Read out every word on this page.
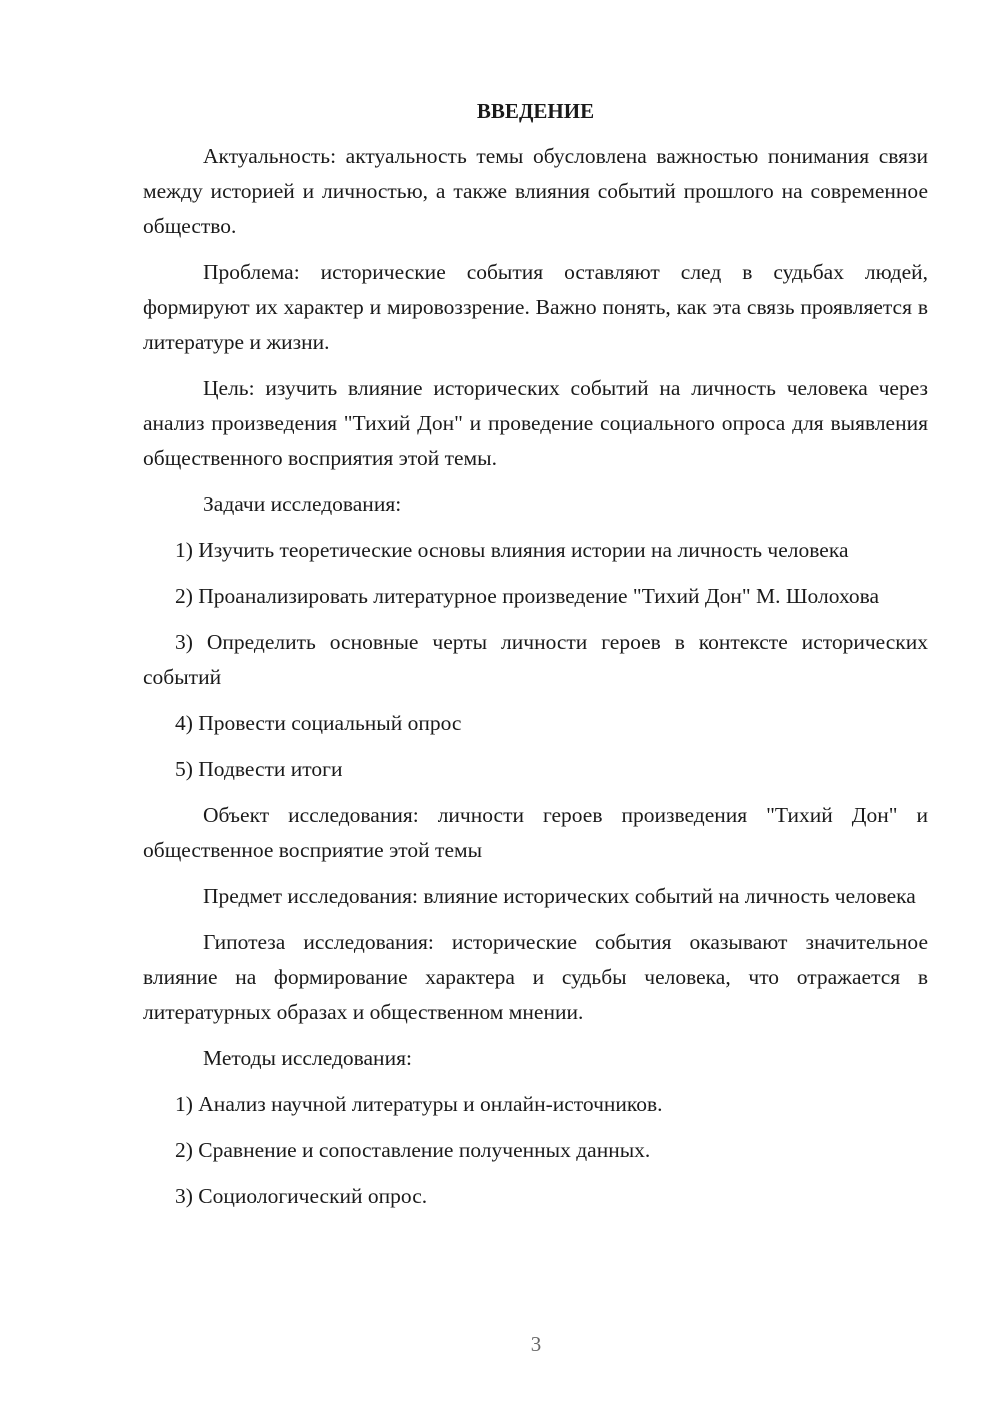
ВВЕДЕНИЕ

Актуальность: актуальность темы обусловлена важностью понимания связи между историей и личностью, а также влияния событий прошлого на современное общество.

Проблема: исторические события оставляют след в судьбах людей, формируют их характер и мировоззрение. Важно понять, как эта связь проявляется в литературе и жизни.

Цель: изучить влияние исторических событий на личность человека через анализ произведения "Тихий Дон" и проведение социального опроса для выявления общественного восприятия этой темы.

Задачи исследования:

1) Изучить теоретические основы влияния истории на личность человека

2) Проанализировать литературное произведение "Тихий Дон" М. Шолохова

3) Определить основные черты личности героев в контексте исторических событий

4) Провести социальный опрос

5) Подвести итоги

Объект исследования: личности героев произведения "Тихий Дон" и общественное восприятие этой темы

Предмет исследования: влияние исторических событий на личность человека

Гипотеза исследования: исторические события оказывают значительное влияние на формирование характера и судьбы человека, что отражается в литературных образах и общественном мнении.

Методы исследования:

1) Анализ научной литературы и онлайн-источников.

2) Сравнение и сопоставление полученных данных.

3) Социологический опрос.

3
